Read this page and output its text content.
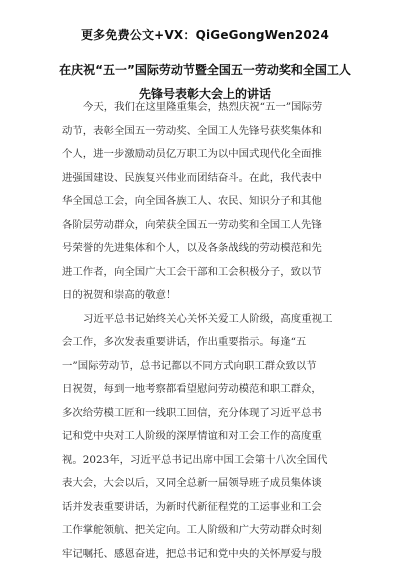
更多免费公文+VX：QiGeGongWen2024
在庆祝“五一”国际劳动节暨全国五一劳动奖和全国工人
先锋号表彰大会上的讲话

今天，我们在这里隆重集会，热烈庆祝“五一”国际劳
动节，表彰全国五一劳动奖、全国工人先锋号获奖集体和
个人，进一步激励动员亿万职工为以中国式现代化全面推
进强国建设、民族复兴伟业而团结奋斗。在此，我代表中
华全国总工会，向全国各族工人、农民、知识分子和其他
各阶层劳动群众，向荣获全国五一劳动奖和全国工人先锋
号荣誉的先进集体和个人，以及各条战线的劳动模范和先
进工作者，向全国广大工会干部和工会积极分子，致以节
日的祝贺和崇高的敬意！

习近平总书记始终关心关怀关爱工人阶级，高度重视工
会工作，多次发表重要讲话，作出重要指示。每逢“五
一”国际劳动节，总书记都以不同方式向职工群众致以节
日祝贺，每到一地考察都看望慰问劳动模范和职工群众，
多次给劳模工匠和一线职工回信，充分体现了习近平总书
记和党中央对工人阶级的深厚情谊和对工会工作的高度重
视。2023年，习近平总书记出席中国工会第十八次全国代
表大会，大会以后，又同全总新一届领导班子成员集体谈
话并发表重要讲话，为新时代新征程党的工运事业和工会
工作掌舵领航、把关定向。工人阶级和广大劳动群众时刻
牢记嘱托、感恩奋进，把总书记和党中央的关怀厚爱与殷
